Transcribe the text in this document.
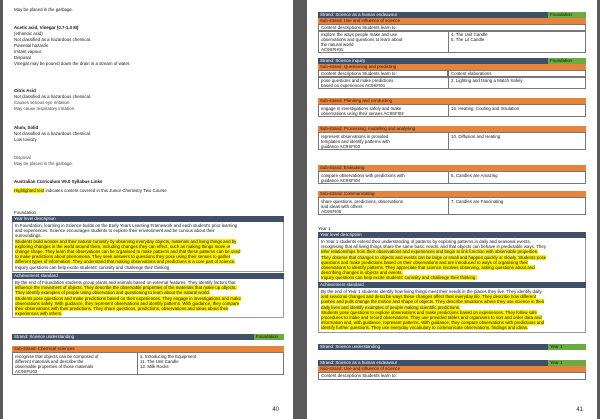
May be placed in the garbage.
Acetic acid, Vinegar (0.7-1.3 M)
(ethanoic acid)
Not classified as a hazardous chemical.
Potential hazards
Irritant vapour.
Disposal
Vinegar may be poured down the drain in a stream of water.
Citric Acid
Not classified as a hazardous chemical.
Causes serious eye irritation
May cause respiratory irritation
Alum, Solid
Not classified as a hazardous chemical.
Low toxicity
Disposal
May be placed in the garbage.
Australian Curriculum V9.0 Syllabus Links
Highlighted text indicates content covered in this Junior Chemistry Two Course
Foundation
Year level description
In Foundation, learning in Science builds on the Early Years Learning Framework and each student's prior learning
and experiences. Science encourages students to explore their environment and be curious about their
surroundings.
Students build wonder and their natural curiosity by observing everyday objects, materials and living things and by
exploring changes in the world around them, including changes they can effect, such as making things move or
change shape. They learn that observations can be organised to make patterns and that these patterns can be used
to make predictions about phenomena. They seek answers to questions they pose using their senses to gather
different types of information. They understand that making observations and predictions is a core part of science.
Inquiry questions can help excite students' curiosity and challenge their thinking.
Achievement standard
By the end of Foundation students group plants and animals based on external features. They identify factors that
influence the movement of objects. They describe the observable properties of the materials that make up objects.
They identify examples of people using observation and questioning to learn about the natural world.
Students pose questions and make predictions based on their experiences. They engage in investigations and make
observations safely. With guidance, they represent observations and identify patterns. With guidance, they compare
their observations with their predictions. They share questions, predictions, observations and ideas about their
experiences with others.
Strand: Science understanding	Foundation
Sub-strand: Chemical sciences
recognise that objects can be composed of
different materials and describe the
observable properties of those materials
AC9SFU03

1. Introducing the Equipment
11. The Unit Candle
12. Milk Rocks
40
Strand: Science as a human endeavour	Foundation
Sub-strand: Use and influence of science
Content descriptions Students learn to:
explore the ways people make and use
observations and questions to learn about
the natural world
AC9SFH01

4. The Unit Candle
5. The Lit Candle
Strand: Science inquiry	Foundation
Sub-strand: Questioning and predicting
Content descriptions Students learn to:	Content elaborations
pose questions and make predictions
based on experiences AC9SFI01

2. Lighting and Using a Match Safely
Sub-strand: Planning and conducting
engage in investigations safely and make
observations using their senses AC9SFI02

16. Heating, Cooling and Insulation
Sub-strand: Processing, modelling and analysing
represent observations in provided
templates and identify patterns with
guidance AC9SFI03

10. Diffusion and Heating
Sub-strand: Evaluating
compare observations with predictions with
guidance AC9SFI04

6. Candles are Amazing
Sub-strand: Communicating
share questions, predictions, observations
and ideas with others
AC9SFI05

7. Candles are Fascinating
Year 1
Year level description
In Year 1 students extend their understanding of patterns by exploring patterns in daily and seasonal events,
recognising that all living things share the same basic needs, and that objects can behave in predictable ways. They
infer relationships from their observations and experiences and begin to link function with observable properties.
They observe that changes to objects and events can be large or small and happen quickly or slowly. Students pose
questions and make predictions based on their observations and are introduced to ways of organising their
observations to identify patterns. They appreciate that science involves observing, asking questions about and
describing changes in objects and events.
Inquiry questions can help excite students' curiosity and challenge their thinking.
Achievement standard
By the end of Year 1 students identify how living things meet their needs in the places they live. They identify daily
and seasonal changes and describe ways these changes affect their everyday life. They describe how different
pushes and pulls change the motion and shape of objects. They describe situations where they use science in their
daily lives and identify examples of people making scientific predictions.
Students pose questions to explore observations and make predictions based on experiences. They follow safe
procedures to make and record observations. They use provided tables and organisers to sort and order data and
information and, with guidance, represent patterns. With guidance, they compare observations with predictions and
identify further questions. They use everyday vocabulary to communicate observations, findings and ideas.
Strand: Science understanding	Year 1
Strand: Science as a human endeavour	Year 1
Sub-strand: Use and influence of science
Content descriptions Students learn to:
41
